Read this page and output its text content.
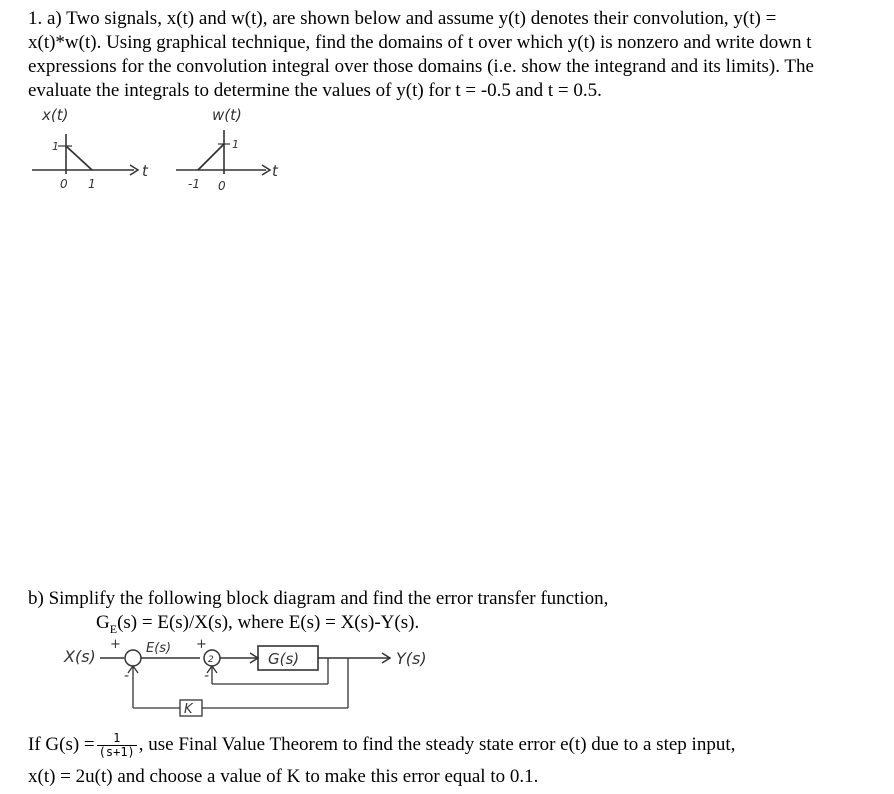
1. a) Two signals, x(t) and w(t), are shown below and assume y(t) denotes their convolution, y(t) =
x(t)*w(t). Using graphical technique, find the domains of t over which y(t) is nonzero and write down t
expressions for the convolution integral over those domains (i.e. show the integrand and its limits). The
evaluate the integrals to determine the values of y(t) for t = -0.5 and t = 0.5.
x(t)
1
0 1
t
w(t)
1
-1 0
t
b) Simplify the following block diagram and find the error transfer function,
$G_E(s) = E(s)/X(s)$, where E(s) = X(s)-Y(s).
X(s)
+
-
E(s) +
2
-
G(s)	Y(s)
K
If $G(s) = \frac{1}{(s+1)}$ , use Final Value Theorem to find the steady state error e(t) due to a step input,
x(t) = 2u(t) and choose a value of K to make this error equal to 0.1.
